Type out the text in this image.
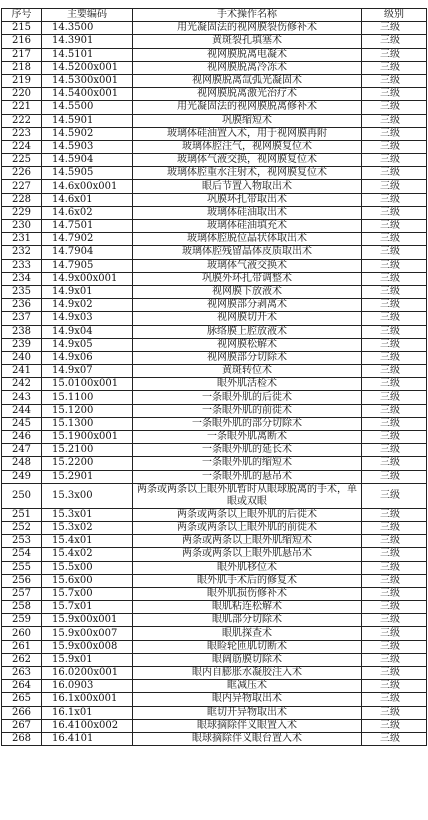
序号	主要编码	手术操作名称	级别
215	14.3500	用光凝固法的视网膜裂伤修补术	三级
216	14.3901	黄斑裂孔填塞术	三级
217	14.5101	视网膜脱离电凝术	三级
218	14.5200x001	视网膜脱离冷冻术	三级
219	14.5300x001	视网膜脱离氙弧光凝固术	三级
220	14.5400x001	视网膜脱离激光治疗术	三级
221	14.5500	用光凝固法的视网膜脱离修补术	三级
222	14.5901	巩膜缩短术	三级
223	14.5902	玻璃体硅油置入术，用于视网膜再附	三级
224	14.5903	玻璃体腔注气，视网膜复位术	三级
225	14.5904	玻璃体气液交换，视网膜复位术	三级
226	14.5905	玻璃体腔重水注射术，视网膜复位术	三级
227	14.6x00x001	眼后节置入物取出术	三级
228	14.6x01	巩膜环扎带取出术	三级
229	14.6x02	玻璃体硅油取出术	三级
230	14.7501	玻璃体硅油填充术	三级
231	14.7902	玻璃体腔脱位晶状体取出术	三级
232	14.7904	玻璃体腔残留晶体皮质取出术	三级
233	14.7905	玻璃体气液交换术	三级
234	14.9x00x001	巩膜外环扎带调整术	三级
235	14.9x01	视网膜下放液术	三级
236	14.9x02	视网膜部分剥离术	三级
237	14.9x03	视网膜切开术	三级
238	14.9x04	脉络膜上腔放液术	三级
239	14.9x05	视网膜松解术	三级
240	14.9x06	视网膜部分切除术	三级
241	14.9x07	黄斑转位术	三级
242	15.0100x001	眼外肌活检术	三级
243	15.1100	一条眼外肌的后徙术	三级
244	15.1200	一条眼外肌的前徙术	三级
245	15.1300	一条眼外肌的部分切除术	三级
246	15.1900x001	一条眼外肌离断术	三级
247	15.2100	一条眼外肌的延长术	三级
248	15.2200	一条眼外肌的缩短术	三级
249	15.2901	一条眼外肌的悬吊术	三级
250	15.3x00	两条或两条以上眼外肌暂时从眼球脱离的手术，单眼或双眼	三级
251	15.3x01	两条或两条以上眼外肌的后徙术	三级
252	15.3x02	两条或两条以上眼外肌的前徙术	三级
253	15.4x01	两条或两条以上眼外肌缩短术	三级
254	15.4x02	两条或两条以上眼外肌悬吊术	三级
255	15.5x00	眼外肌移位术	三级
256	15.6x00	眼外肌手术后的修复术	三级
257	15.7x00	眼外肌损伤修补术	三级
258	15.7x01	眼肌粘连松解术	三级
259	15.9x00x001	眼肌部分切除术	三级
260	15.9x00x007	眼肌探查术	三级
261	15.9x00x008	眼睑轮匝肌切断术	三级
262	15.9x01	眼阔筋膜切除术	三级
263	16.0200x001	眼内自膨胀水凝胶注入术	三级
264	16.0903	眶减压术	三级
265	16.1x00x001	眼内异物取出术	三级
266	16.1x01	眶切开异物取出术	三级
267	16.4100x002	眼球摘除伴义眼置入术	三级
268	16.4101	眼球摘除伴义眼台置入术	三级
